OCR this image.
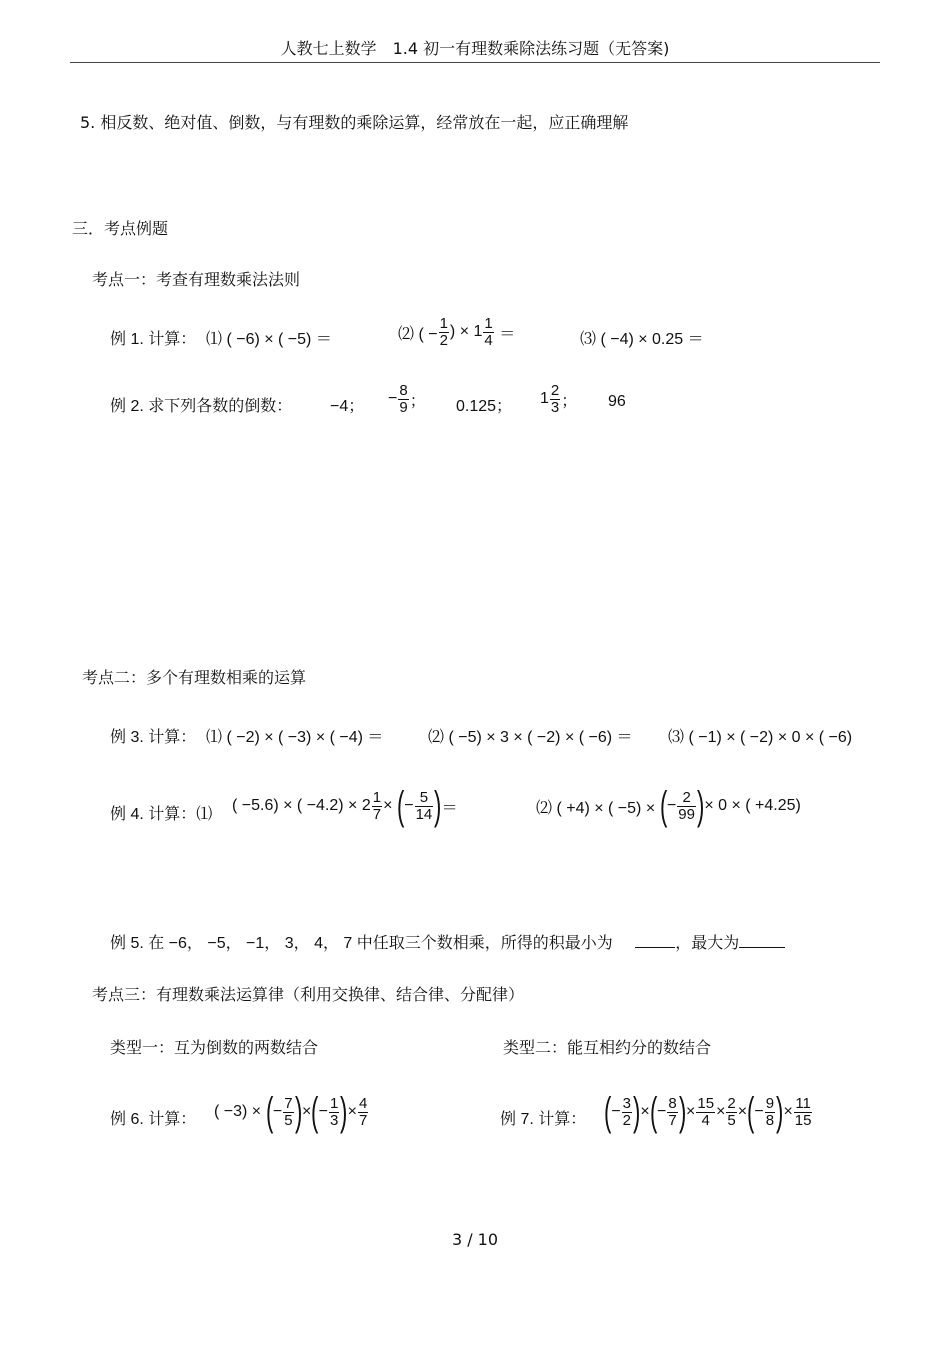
人教七上数学　1.4 初一有理数乘除法练习题（无答案)
5. 相反数、绝对值、倒数，与有理数的乘除运算，经常放在一起，应正确理解
三．考点例题
考点一：考查有理数乘法法则
例 1. 计算： ⑴ ( −6) × ( −5) ＝	⑵ ( − $\frac{1}{2}$ ) × $1 \frac{1}{4}$ ＝	⑶ ( −4) × 0.25 ＝
例 2. 求下列各数的倒数： −4； − $\frac{8}{9}$ ； 0.125； $1 \frac{2}{3}$ ； 96
考点二：多个有理数相乘的运算
例 3. 计算： ⑴ ( −2) × ( −3) × ( −4) ＝	⑵ ( −5) × 3 × ( −2) × ( −6) ＝ ⑶ ( −1) × ( −2) × 0 × ( −6)
例 4. 计算：⑴
( −5.6) × ( $-4.2) \times 2 \frac{1}{7}$ × (− $\frac{5}{14}$ )＝	⑵ ( +4) × ( −5) × (− $\frac{2}{99}$ )× 0 × ( +4.25)
例 5. 在 −6， −5， −1， 3， 4， 7 中任取三个数相乘，所得的积最小为	，最大为
考点三：有理数乘法运算律（利用交换律、结合律、分配律）
类型一：互为倒数的两数结合	类型二：能互相约分的数结合
例 6. 计算： ( −3) × (− $\frac{7}{5}$ )×(− $\frac{1}{3}$ )× $\frac{4}{7}$	例 7. 计算： (− $\frac{3}{2}$ )×(− $\frac{8}{7}$ )× $\frac{15}{4} \times \frac{2}{5}$ ×(− $\frac{9}{8}$ )× $\frac{11}{15}$
3 / 10
